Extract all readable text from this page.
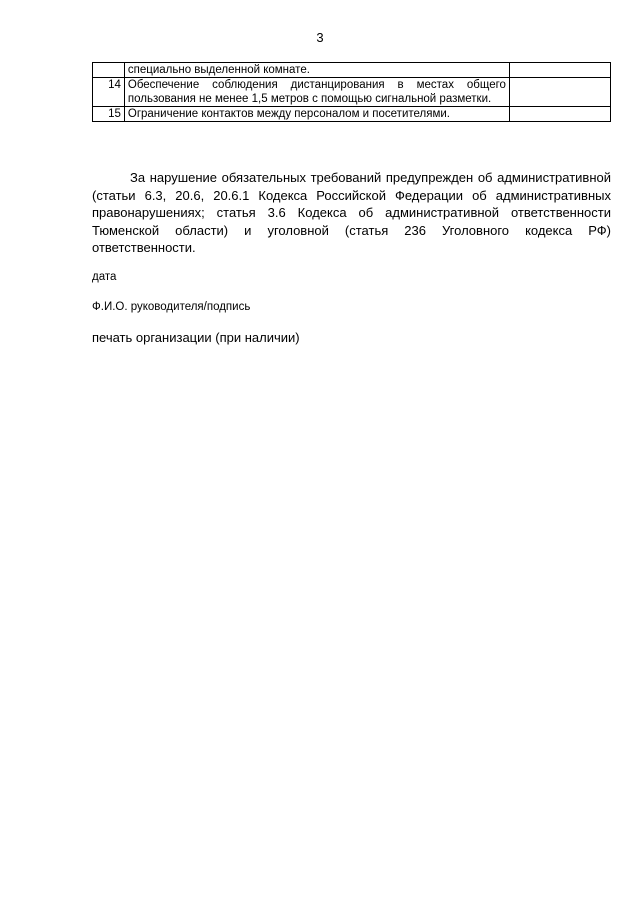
3
	специально выделенной комнате.	
14	Обеспечение соблюдения дистанцирования в местах общего пользования не менее 1,5 метров с помощью сигнальной разметки.	
15	Ограничение контактов между персоналом и посетителями.	

За нарушение обязательных требований предупрежден об административной (статьи 6.3, 20.6, 20.6.1 Кодекса Российской Федерации об административных правонарушениях; статья 3.6 Кодекса об административной ответственности Тюменской области) и уголовной (статья 236 Уголовного кодекса РФ) ответственности.

дата
Ф.И.О. руководителя/подпись
печать организации (при наличии)
